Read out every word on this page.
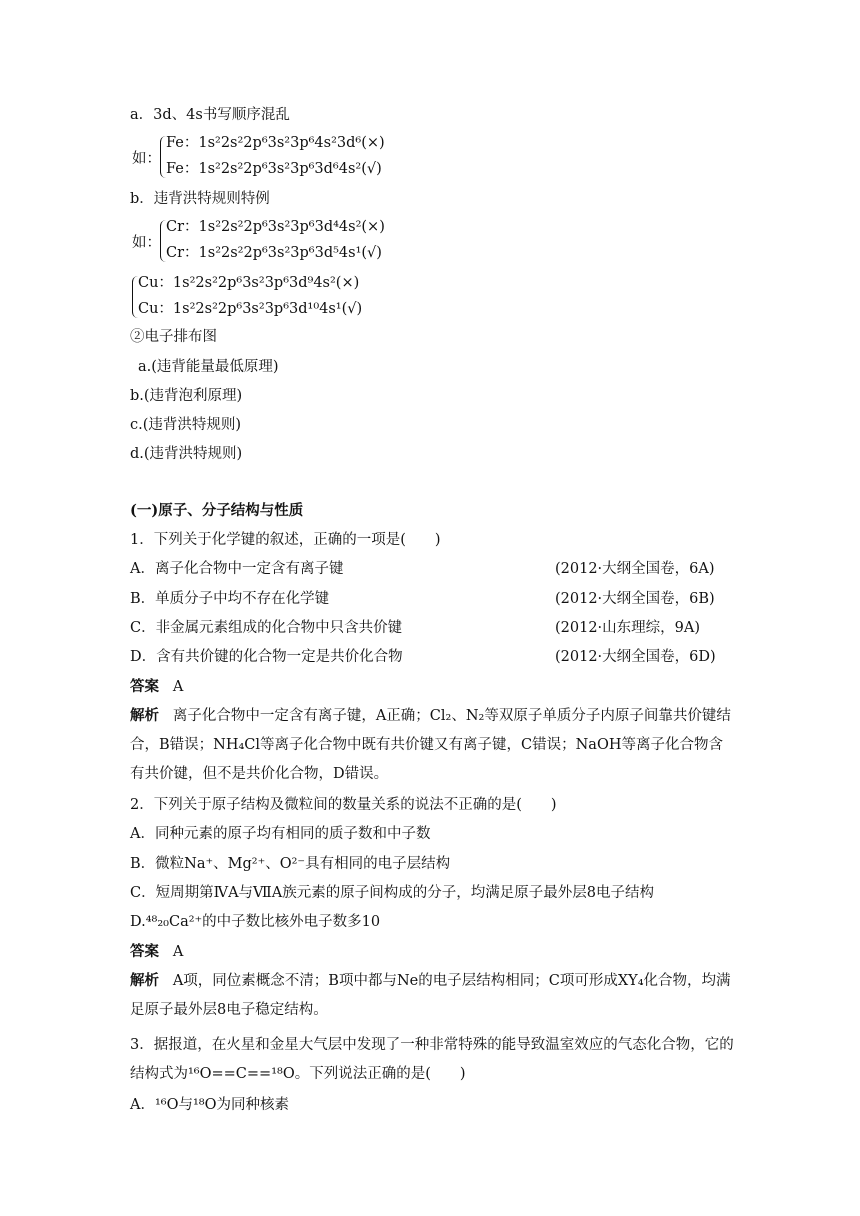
a．3d、4s书写顺序混乱
如：
Fe：1s²2s²2p⁶3s²3p⁶4s²3d⁶(×)
Fe：1s²2s²2p⁶3s²3p⁶3d⁶4s²(√)
b．违背洪特规则特例
如：
Cr：1s²2s²2p⁶3s²3p⁶3d⁴4s²(×)
Cr：1s²2s²2p⁶3s²3p⁶3d⁵4s¹(√)
Cu：1s²2s²2p⁶3s²3p⁶3d⁹4s²(×)
Cu：1s²2s²2p⁶3s²3p⁶3d¹⁰4s¹(√)
②电子排布图
a.(违背能量最低原理)
b.(违背泡利原理)
c.(违背洪特规则)
d.(违背洪特规则)
(一)原子、分子结构与性质
1．下列关于化学键的叙述，正确的一项是(　　)
A．离子化合物中一定含有离子键	(2012·大纲全国卷，6A)
B．单质分子中均不存在化学键	(2012·大纲全国卷，6B)
C．非金属元素组成的化合物中只含共价键	(2012·山东理综，9A)
D．含有共价键的化合物一定是共价化合物	(2012·大纲全国卷，6D)
答案 A
解析 离子化合物中一定含有离子键，A正确；Cl₂、N₂等双原子单质分子内原子间靠共价键结合，B错误；NH₄Cl等离子化合物中既有共价键又有离子键，C错误；NaOH等离子化合物含有共价键，但不是共价化合物，D错误。
2．下列关于原子结构及微粒间的数量关系的说法不正确的是(　　)
A．同种元素的原子均有相同的质子数和中子数
B．微粒Na⁺、Mg²⁺、O²⁻具有相同的电子层结构
C．短周期第ⅣA与ⅦA族元素的原子间构成的分子，均满足原子最外层8电子结构
D.⁴⁸₂₀Ca²⁺的中子数比核外电子数多10
答案 A
解析 A项，同位素概念不清；B项中都与Ne的电子层结构相同；C项可形成XY₄化合物，均满足原子最外层8电子稳定结构。
3．据报道，在火星和金星大气层中发现了一种非常特殊的能导致温室效应的气态化合物，它的结构式为¹⁶O==C==¹⁸O。下列说法正确的是(　　)
A．¹⁶O与¹⁸O为同种核素
